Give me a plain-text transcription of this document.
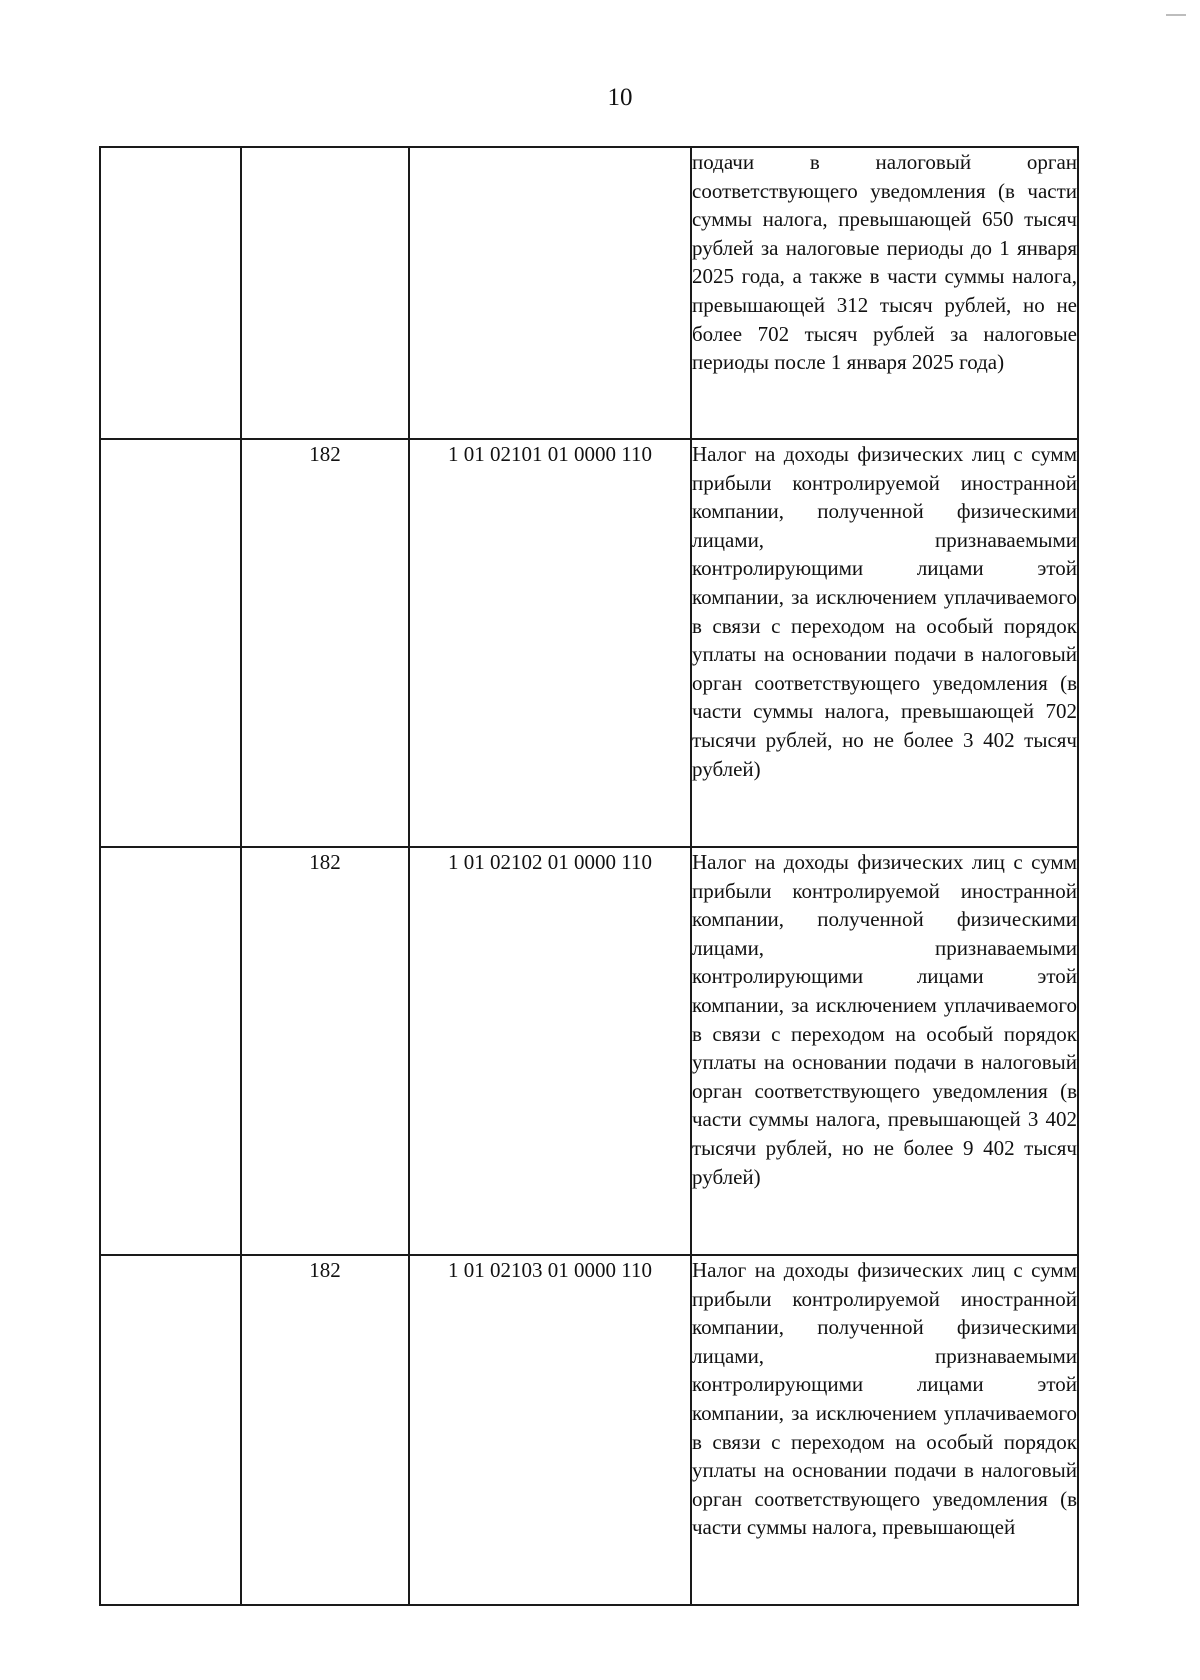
10

			подачи в налоговый орган соответствующего уведомления (в части суммы налога, превышающей 650 тысяч рублей за налоговые периоды до 1 января 2025 года, а также в части суммы налога, превышающей 312 тысяч рублей, но не более 702 тысяч рублей за налоговые периоды после 1 января 2025 года)

	182	1 01 02101 01 0000 110	Налог на доходы физических лиц с сумм прибыли контролируемой иностранной компании, полученной физическими лицами, признаваемыми контролирующими лицами этой компании, за исключением уплачиваемого в связи с переходом на особый порядок уплаты на основании подачи в налоговый орган соответствующего уведомления (в части суммы налога, превышающей 702 тысячи рублей, но не более 3 402 тысяч рублей)

	182	1 01 02102 01 0000 110	Налог на доходы физических лиц с сумм прибыли контролируемой иностранной компании, полученной физическими лицами, признаваемыми контролирующими лицами этой компании, за исключением уплачиваемого в связи с переходом на особый порядок уплаты на основании подачи в налоговый орган соответствующего уведомления (в части суммы налога, превышающей 3 402 тысячи рублей, но не более 9 402 тысяч рублей)

	182	1 01 02103 01 0000 110	Налог на доходы физических лиц с сумм прибыли контролируемой иностранной компании, полученной физическими лицами, признаваемыми контролирующими лицами этой компании, за исключением уплачиваемого в связи с переходом на особый порядок уплаты на основании подачи в налоговый орган соответствующего уведомления (в части суммы налога, превышающей
